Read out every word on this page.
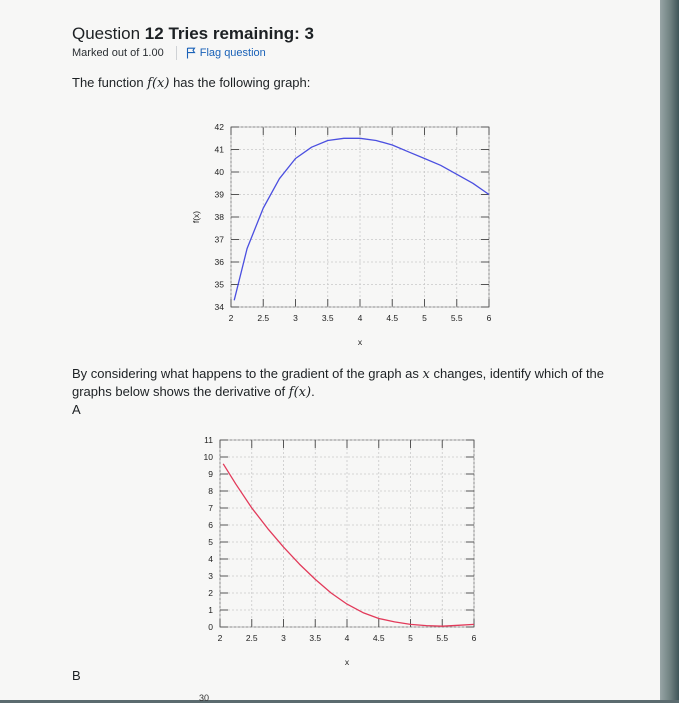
Question 12 Tries remaining: 3
Marked out of 1.00	Flag question
The function f(x) has the following graph:
2	2.5	3	3.5	4	4.5	5	5.5	6
34
35
36
37
38
39
40
41
42
x
f(x)
By considering what happens to the gradient of the graph as x changes, identify which of the graphs below shows the derivative of f(x).
A
2	2.5	3	3.5	4	4.5	5	5.5	6
0
1
2
3
4
5
6
7
8
9
10
11
x
B
30
